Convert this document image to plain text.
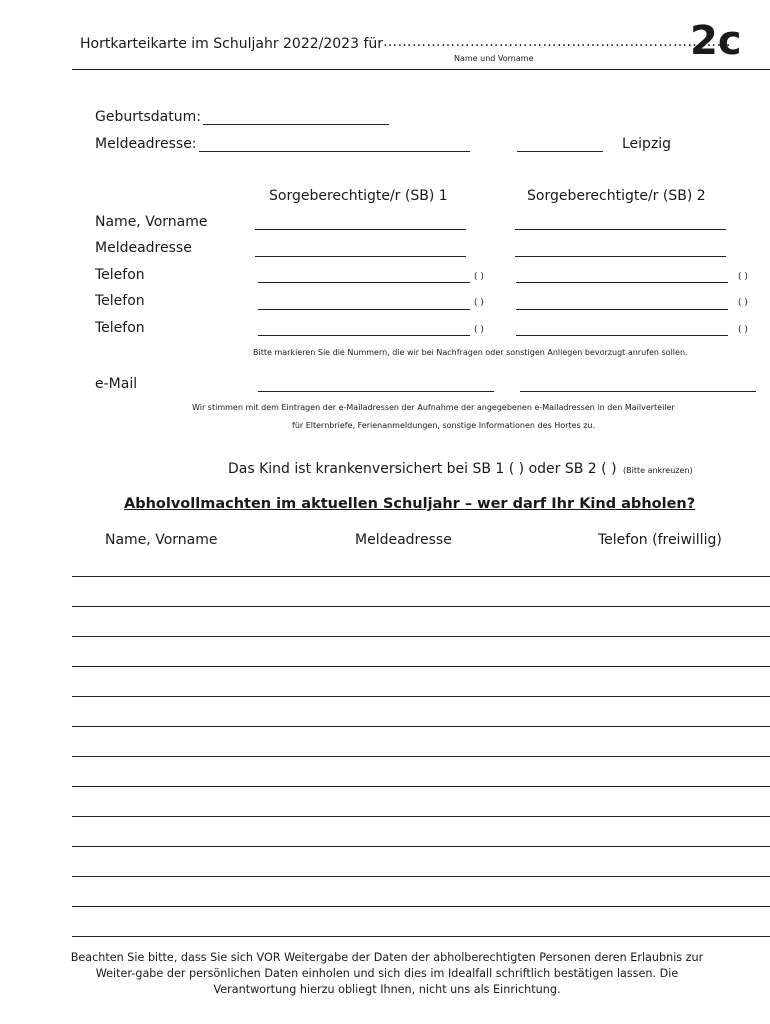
Hortkarteikarte im Schuljahr 2022/2023 für ………………………………………………………………
Name und Vorname	2c
Geburtsdatum:
Meldeadresse:	Leipzig
Sorgeberechtigte/r (SB) 1	Sorgeberechtigte/r (SB) 2
Name, Vorname
Meldeadresse
Telefon	( )	( )
Telefon	( )	( )
Telefon	( )	( )
Bitte markieren Sie die Nummern, die wir bei Nachfragen oder sonstigen Anliegen bevorzugt anrufen sollen.
e-Mail
Wir stimmen mit dem Eintragen der e-Mailadressen der Aufnahme der angegebenen e-Mailadressen in den Mailverteiler
für Elternbriefe, Ferienanmeldungen, sonstige Informationen des Hortes zu.
Das Kind ist krankenversichert bei SB 1 ( ) oder SB 2 ( ) (Bitte ankreuzen)
Abholvollmachten im aktuellen Schuljahr – wer darf Ihr Kind abholen?
Name, Vorname	Meldeadresse	Telefon (freiwillig)
Beachten Sie bitte, dass Sie sich VOR Weitergabe der Daten der abholberechtigten Personen deren Erlaubnis zur Weiter-gabe der persönlichen Daten einholen und sich dies im Idealfall schriftlich bestätigen lassen. Die Verantwortung hierzu obliegt Ihnen, nicht uns als Einrichtung.
